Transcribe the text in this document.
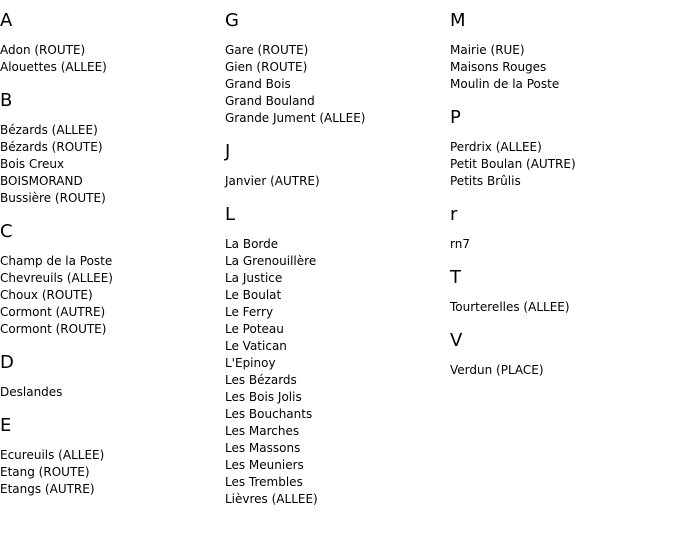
A
Adon (ROUTE)
Alouettes (ALLEE)
B
Bézards (ALLEE)
Bézards (ROUTE)
Bois Creux
BOISMORAND
Bussière (ROUTE)
C
Champ de la Poste
Chevreuils (ALLEE)
Choux (ROUTE)
Cormont (AUTRE)
Cormont (ROUTE)
D
Deslandes
E
Ecureuils (ALLEE)
Etang (ROUTE)
Etangs (AUTRE)
G
Gare (ROUTE)
Gien (ROUTE)
Grand Bois
Grand Bouland
Grande Jument (ALLEE)
J
Janvier (AUTRE)
L
La Borde
La Grenouillère
La Justice
Le Boulat
Le Ferry
Le Poteau
Le Vatican
L'Epinoy
Les Bézards
Les Bois Jolis
Les Bouchants
Les Marches
Les Massons
Les Meuniers
Les Trembles
Lièvres (ALLEE)
M
Mairie (RUE)
Maisons Rouges
Moulin de la Poste
P
Perdrix (ALLEE)
Petit Boulan (AUTRE)
Petits Brûlis
r
rn7
T
Tourterelles (ALLEE)
V
Verdun (PLACE)
